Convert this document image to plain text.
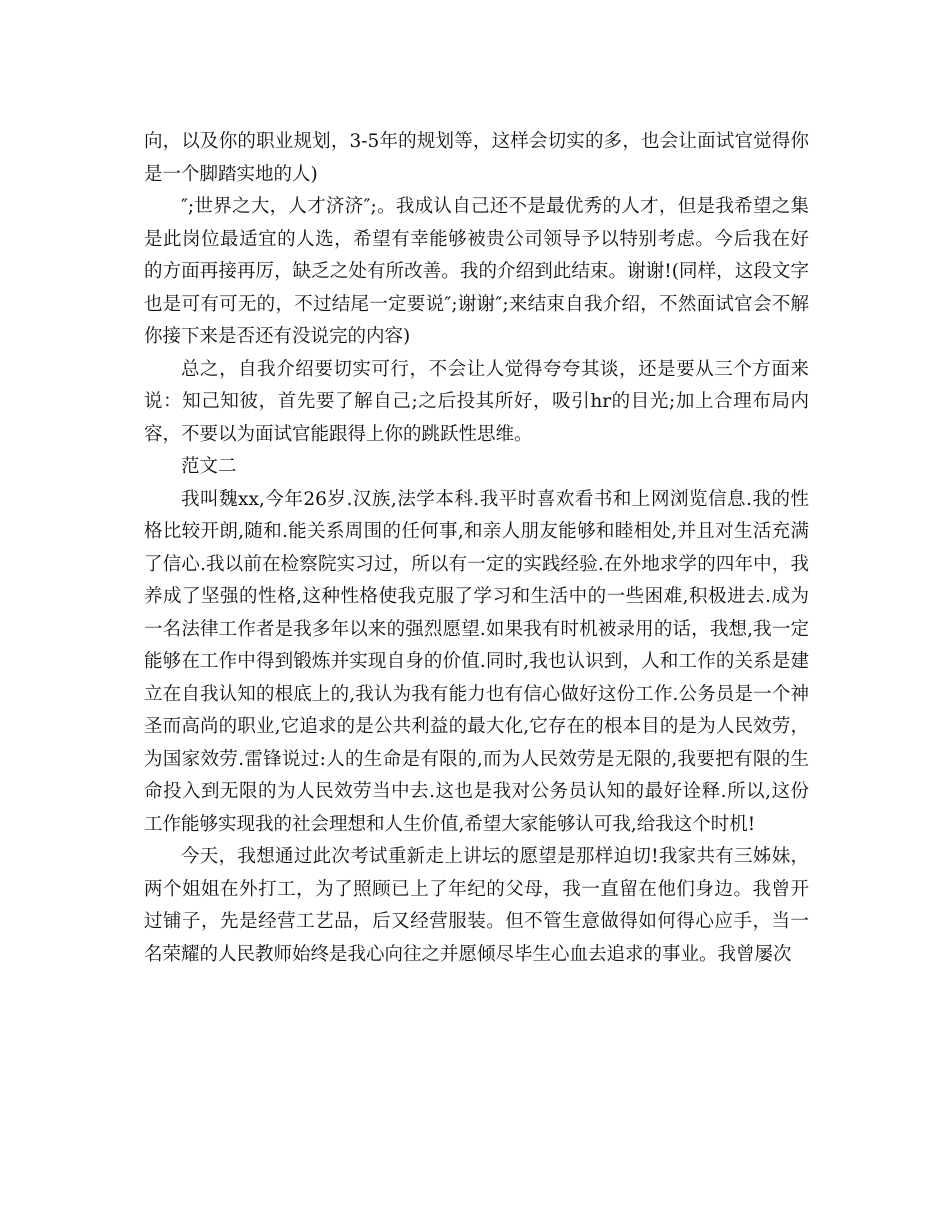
向，以及你的职业规划，3-5年的规划等，这样会切实的多，也会让面试官觉得你是一个脚踏实地的人)

″;世界之大，人才济济″;。我成认自己还不是最优秀的人才，但是我希望之集是此岗位最适宜的人选，希望有幸能够被贵公司领导予以特别考虑。今后我在好的方面再接再厉，缺乏之处有所改善。我的介绍到此结束。谢谢!(同样，这段文字也是可有可无的，不过结尾一定要说″;谢谢″;来结束自我介绍，不然面试官会不解你接下来是否还有没说完的内容)

总之，自我介绍要切实可行，不会让人觉得夸夸其谈，还是要从三个方面来说：知己知彼，首先要了解自己;之后投其所好，吸引hr的目光;加上合理布局内容，不要以为面试官能跟得上你的跳跃性思维。

范文二

我叫魏xx,今年26岁.汉族,法学本科.我平时喜欢看书和上网浏览信息.我的性格比较开朗,随和.能关系周围的任何事,和亲人朋友能够和睦相处,并且对生活充满了信心.我以前在检察院实习过，所以有一定的实践经验.在外地求学的四年中，我养成了坚强的性格,这种性格使我克服了学习和生活中的一些困难,积极进去.成为一名法律工作者是我多年以来的强烈愿望.如果我有时机被录用的话，我想,我一定能够在工作中得到锻炼并实现自身的价值.同时,我也认识到，人和工作的关系是建立在自我认知的根底上的,我认为我有能力也有信心做好这份工作.公务员是一个神圣而高尚的职业,它追求的是公共利益的最大化,它存在的根本目的是为人民效劳，为国家效劳.雷锋说过:人的生命是有限的,而为人民效劳是无限的,我要把有限的生命投入到无限的为人民效劳当中去.这也是我对公务员认知的最好诠释.所以,这份工作能够实现我的社会理想和人生价值,希望大家能够认可我,给我这个时机!

今天，我想通过此次考试重新走上讲坛的愿望是那样迫切!我家共有三姊妹，两个姐姐在外打工，为了照顾已上了年纪的父母，我一直留在他们身边。我曾开过铺子，先是经营工艺品，后又经营服装。但不管生意做得如何得心应手，当一名荣耀的人民教师始终是我心向往之并愿倾尽毕生心血去追求的事业。我曾屡次
